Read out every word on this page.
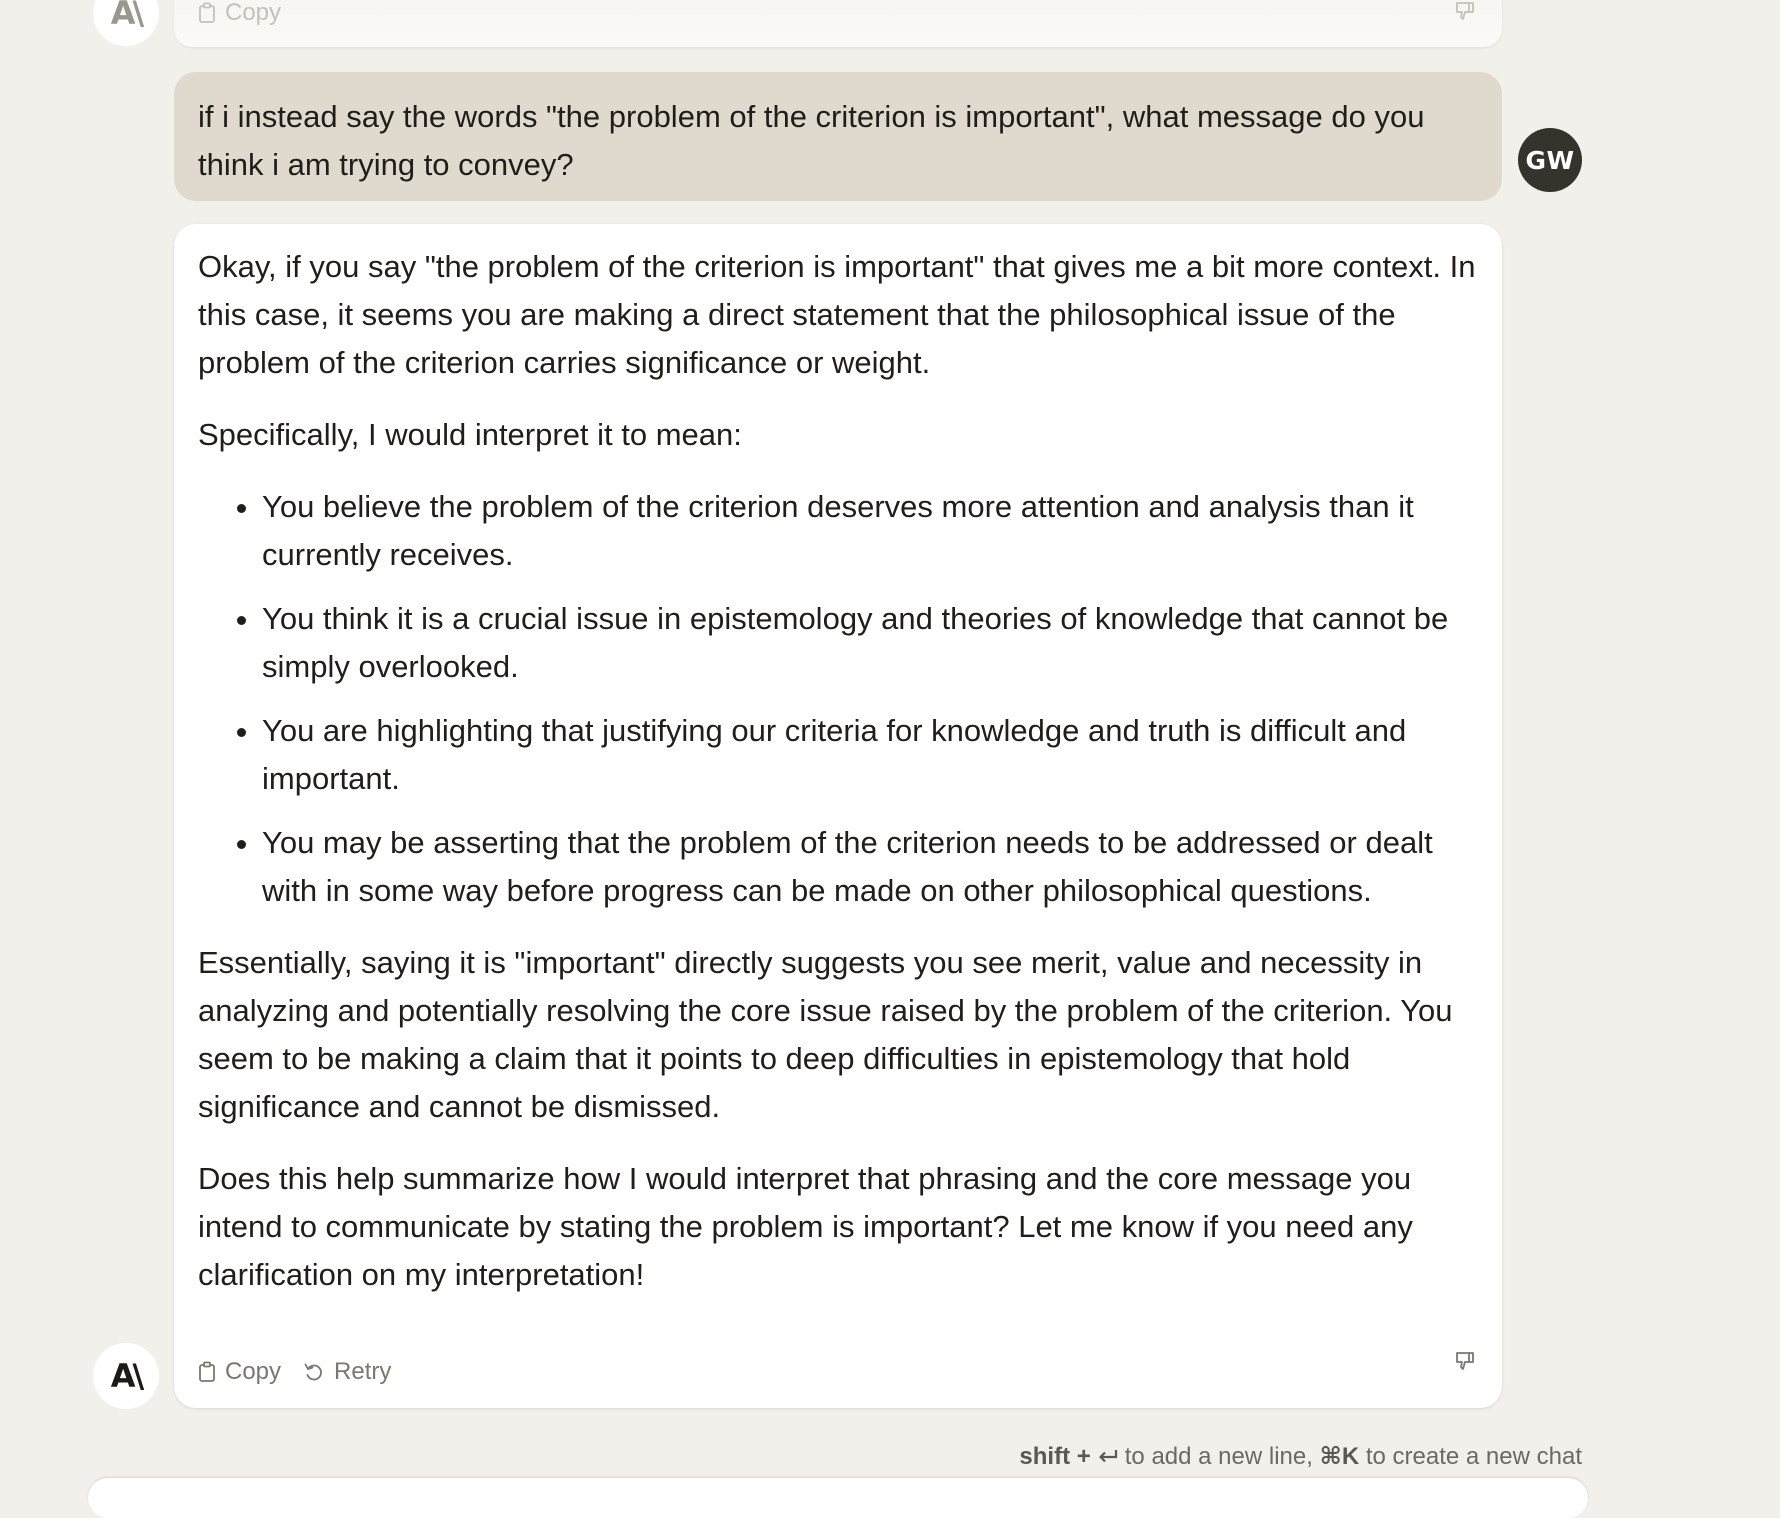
A\	Copy
if i instead say the words "the problem of the criterion is important", what message do you think i am trying to convey?	GW

Okay, if you say "the problem of the criterion is important" that gives me a bit more context. In this case, it seems you are making a direct statement that the philosophical issue of the problem of the criterion carries significance or weight.

Specifically, I would interpret it to mean:

• You believe the problem of the criterion deserves more attention and analysis than it currently receives.
• You think it is a crucial issue in epistemology and theories of knowledge that cannot be simply overlooked.
• You are highlighting that justifying our criteria for knowledge and truth is difficult and important.
• You may be asserting that the problem of the criterion needs to be addressed or dealt with in some way before progress can be made on other philosophical questions.

Essentially, saying it is "important" directly suggests you see merit, value and necessity in analyzing and potentially resolving the core issue raised by the problem of the criterion. You seem to be making a claim that it points to deep difficulties in epistemology that hold significance and cannot be dismissed.

Does this help summarize how I would interpret that phrasing and the core message you intend to communicate by stating the problem is important? Let me know if you need any clarification on my interpretation!

Copy Retry
A\
shift + to add a new line,
⌘K
to create a new chat
